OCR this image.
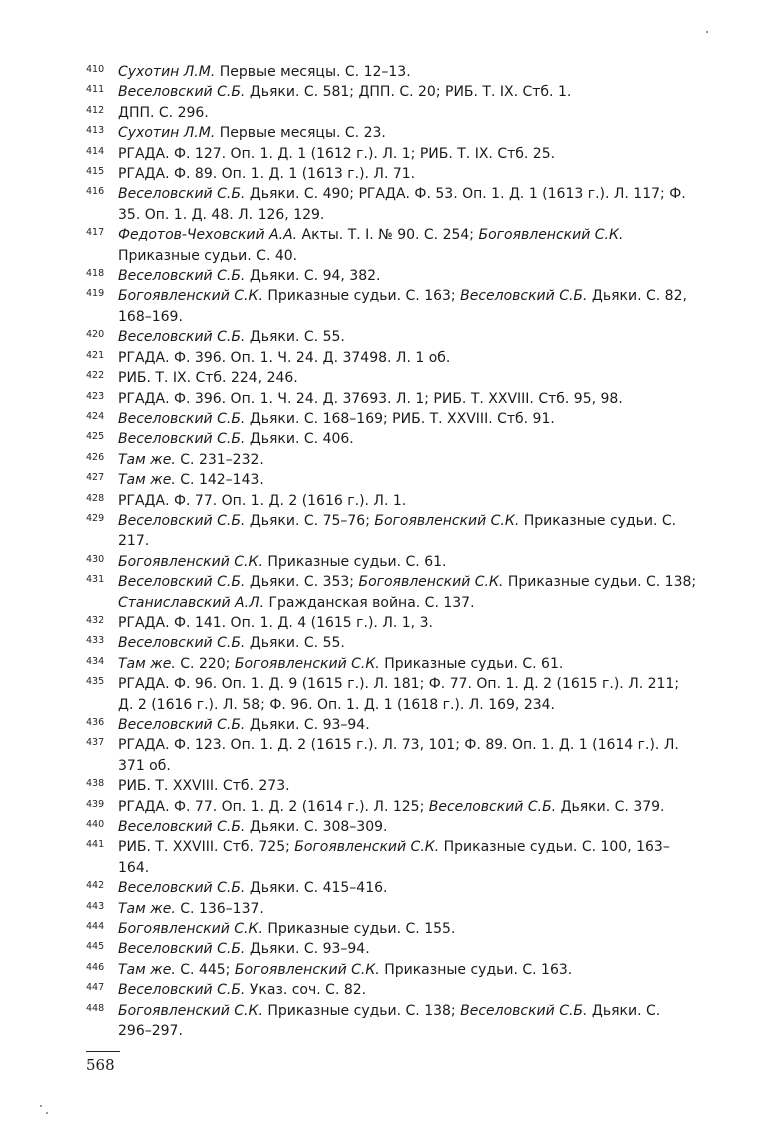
410 Сухотин Л.М. Первые месяцы. С. 12–13.
411 Веселовский С.Б. Дьяки. С. 581; ДПП. С. 20; РИБ. Т. IX. Стб. 1.
412 ДПП. С. 296.
413 Сухотин Л.М. Первые месяцы. С. 23.
414 РГАДА. Ф. 127. Оп. 1. Д. 1 (1612 г.). Л. 1; РИБ. Т. IX. Стб. 25.
415 РГАДА. Ф. 89. Оп. 1. Д. 1 (1613 г.). Л. 71.
416 Веселовский С.Б. Дьяки. С. 490; РГАДА. Ф. 53. Оп. 1. Д. 1 (1613 г.). Л. 117; Ф. 35. Оп. 1. Д. 48. Л. 126, 129.
417 Федотов-Чеховский А.А. Акты. Т. I. № 90. С. 254; Богоявленский С.К. Приказные судьи. С. 40.
418 Веселовский С.Б. Дьяки. С. 94, 382.
419 Богоявленский С.К. Приказные судьи. С. 163; Веселовский С.Б. Дьяки. С. 82, 168–169.
420 Веселовский С.Б. Дьяки. С. 55.
421 РГАДА. Ф. 396. Оп. 1. Ч. 24. Д. 37498. Л. 1 об.
422 РИБ. Т. IX. Стб. 224, 246.
423 РГАДА. Ф. 396. Оп. 1. Ч. 24. Д. 37693. Л. 1; РИБ. Т. XXVIII. Стб. 95, 98.
424 Веселовский С.Б. Дьяки. С. 168–169; РИБ. Т. XXVIII. Стб. 91.
425 Веселовский С.Б. Дьяки. С. 406.
426 Там же. С. 231–232.
427 Там же. С. 142–143.
428 РГАДА. Ф. 77. Оп. 1. Д. 2 (1616 г.). Л. 1.
429 Веселовский С.Б. Дьяки. С. 75–76; Богоявленский С.К. Приказные судьи. С. 217.
430 Богоявленский С.К. Приказные судьи. С. 61.
431 Веселовский С.Б. Дьяки. С. 353; Богоявленский С.К. Приказные судьи. С. 138; Станиславский А.Л. Гражданская война. С. 137.
432 РГАДА. Ф. 141. Оп. 1. Д. 4 (1615 г.). Л. 1, 3.
433 Веселовский С.Б. Дьяки. С. 55.
434 Там же. С. 220; Богоявленский С.К. Приказные судьи. С. 61.
435 РГАДА. Ф. 96. Оп. 1. Д. 9 (1615 г.). Л. 181; Ф. 77. Оп. 1. Д. 2 (1615 г.). Л. 211; Д. 2 (1616 г.). Л. 58; Ф. 96. Оп. 1. Д. 1 (1618 г.). Л. 169, 234.
436 Веселовский С.Б. Дьяки. С. 93–94.
437 РГАДА. Ф. 123. Оп. 1. Д. 2 (1615 г.). Л. 73, 101; Ф. 89. Оп. 1. Д. 1 (1614 г.). Л. 371 об.
438 РИБ. Т. XXVIII. Стб. 273.
439 РГАДА. Ф. 77. Оп. 1. Д. 2 (1614 г.). Л. 125; Веселовский С.Б. Дьяки. С. 379.
440 Веселовский С.Б. Дьяки. С. 308–309.
441 РИБ. Т. XXVIII. Стб. 725; Богоявленский С.К. Приказные судьи. С. 100, 163–164.
442 Веселовский С.Б. Дьяки. С. 415–416.
443 Там же. С. 136–137.
444 Богоявленский С.К. Приказные судьи. С. 155.
445 Веселовский С.Б. Дьяки. С. 93–94.
446 Там же. С. 445; Богоявленский С.К. Приказные судьи. С. 163.
447 Веселовский С.Б. Указ. соч. С. 82.
448 Богоявленский С.К. Приказные судьи. С. 138; Веселовский С.Б. Дьяки. С. 296–297.
568
